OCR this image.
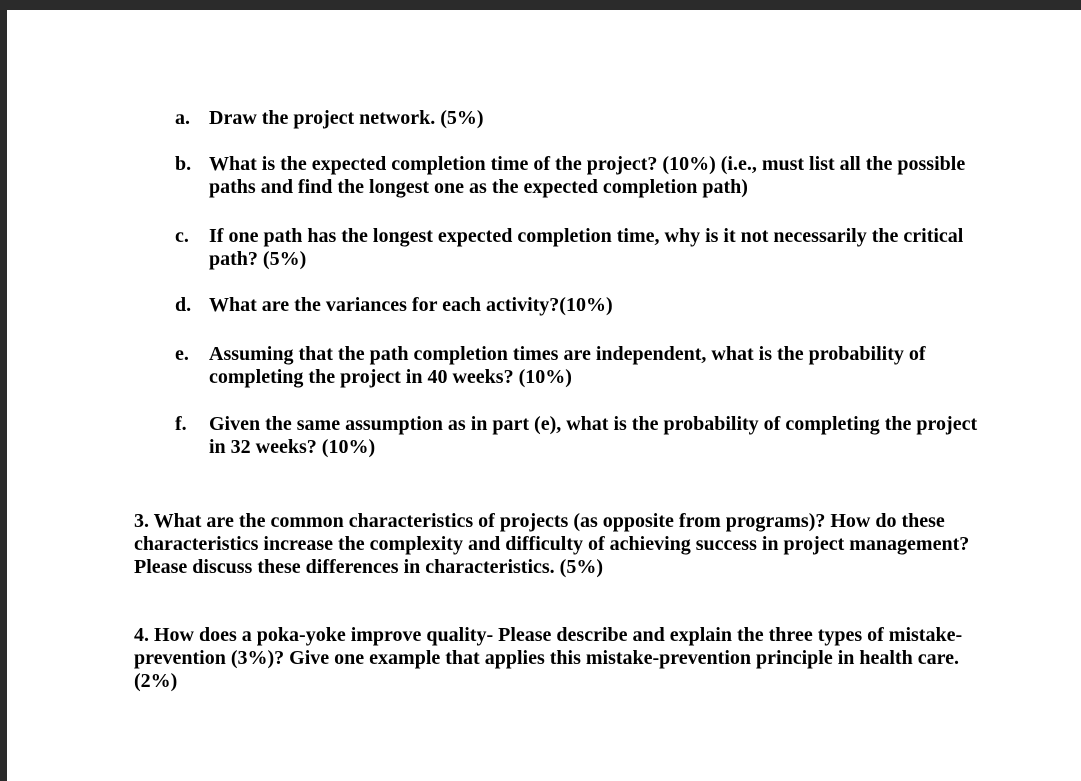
a. Draw the project network. (5%)
b. What is the expected completion time of the project? (10%) (i.e., must list all the possible paths and find the longest one as the expected completion path)
c.	If one path has the longest expected completion time, why is it not necessarily the critical path? (5%)
d. What are the variances for each activity?(10%)
e.	Assuming that the path completion times are independent, what is the probability of completing the project in 40 weeks? (10%)
f.	Given the same assumption as in part (e), what is the probability of completing the project in 32 weeks? (10%)
3. What are the common characteristics of projects (as opposite from programs)? How do these characteristics increase the complexity and difficulty of achieving success in project management? Please discuss these differences in characteristics. (5%)
4. How does a poka-yoke improve quality- Please describe and explain the three types of mistake-prevention (3%)? Give one example that applies this mistake-prevention principle in health care. (2%)
